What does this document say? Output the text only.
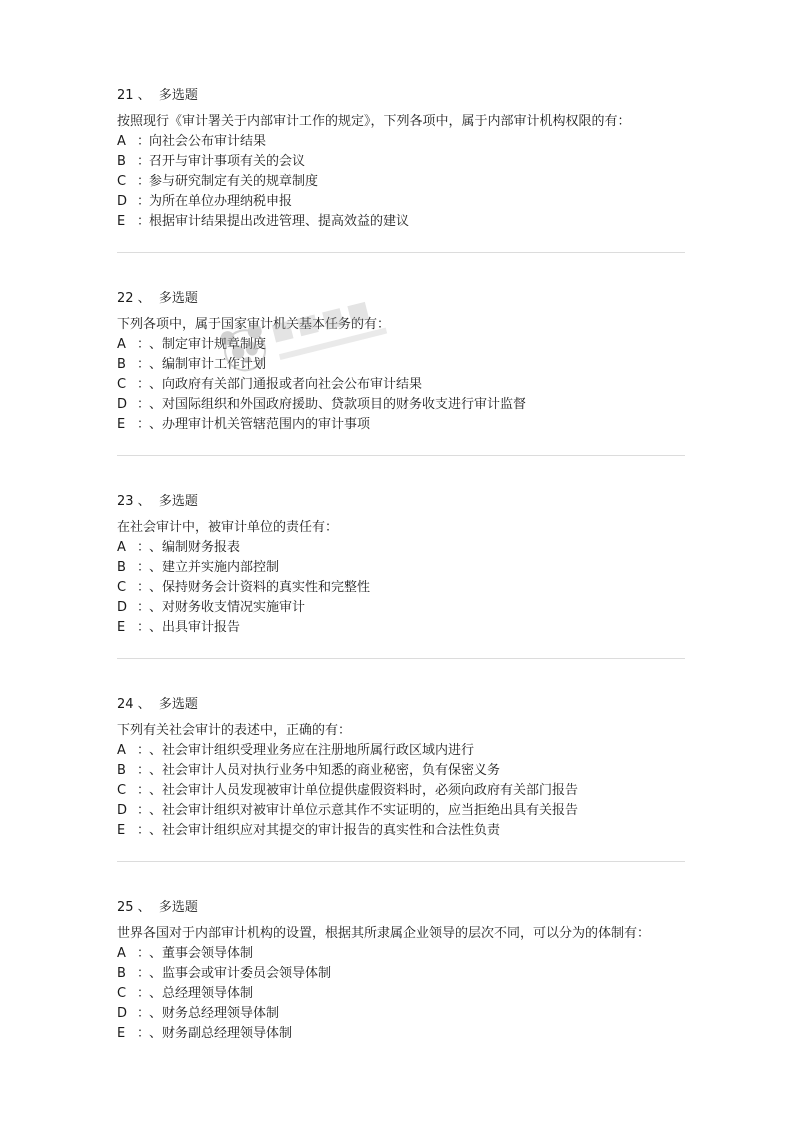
21 、 多选题
按照现行《审计署关于内部审计工作的规定》，下列各项中，属于内部审计机构权限的有：
A ：向社会公布审计结果
B ：召开与审计事项有关的会议
C ：参与研究制定有关的规章制度
D ：为所在单位办理纳税申报
E ：根据审计结果提出改进管理、提高效益的建议
22 、 多选题
下列各项中，属于国家审计机关基本任务的有：
A ：、制定审计规章制度
B ：、编制审计工作计划
C ：、向政府有关部门通报或者向社会公布审计结果
D ：、对国际组织和外国政府援助、贷款项目的财务收支进行审计监督
E ：、办理审计机关管辖范围内的审计事项
23 、 多选题
在社会审计中，被审计单位的责任有：
A ：、编制财务报表
B ：、建立并实施内部控制
C ：、保持财务会计资料的真实性和完整性
D ：、对财务收支情况实施审计
E ：、出具审计报告
24 、 多选题
下列有关社会审计的表述中，正确的有：
A ：、社会审计组织受理业务应在注册地所属行政区域内进行
B ：、社会审计人员对执行业务中知悉的商业秘密，负有保密义务
C ：、社会审计人员发现被审计单位提供虚假资料时，必须向政府有关部门报告
D ：、社会审计组织对被审计单位示意其作不实证明的，应当拒绝出具有关报告
E ：、社会审计组织应对其提交的审计报告的真实性和合法性负责
25 、 多选题
世界各国对于内部审计机构的设置，根据其所隶属企业领导的层次不同，可以分为的体制有：
A ：、董事会领导体制
B ：、监事会或审计委员会领导体制
C ：、总经理领导体制
D ：、财务总经理领导体制
E ：、财务副总经理领导体制
